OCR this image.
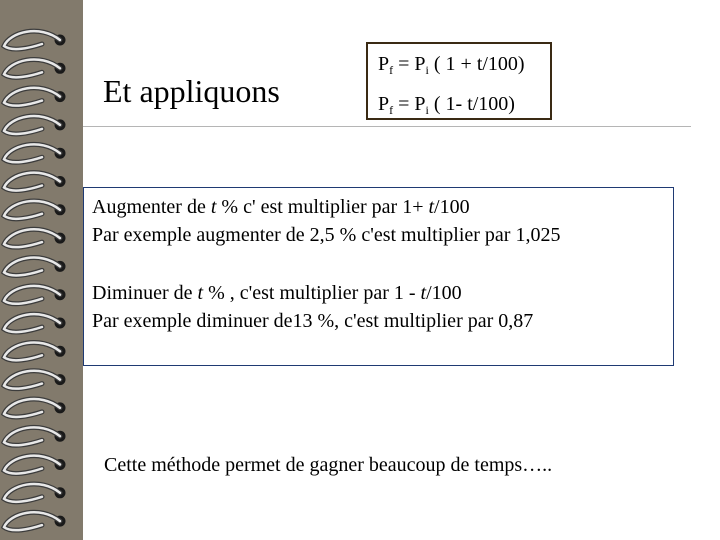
Et appliquons
$P_f = P_i$ ( 1 + t/100)
$P_f = P_i$ ( 1- t/100)
Augmenter de t % c' est multiplier par 1+ t/100
Par exemple augmenter de 2,5 % c'est multiplier par 1,025
Diminuer de t % , c'est multiplier par 1 - t/100
Par exemple diminuer de13 %, c'est multiplier par 0,87
Cette méthode permet de gagner beaucoup de temps…..
